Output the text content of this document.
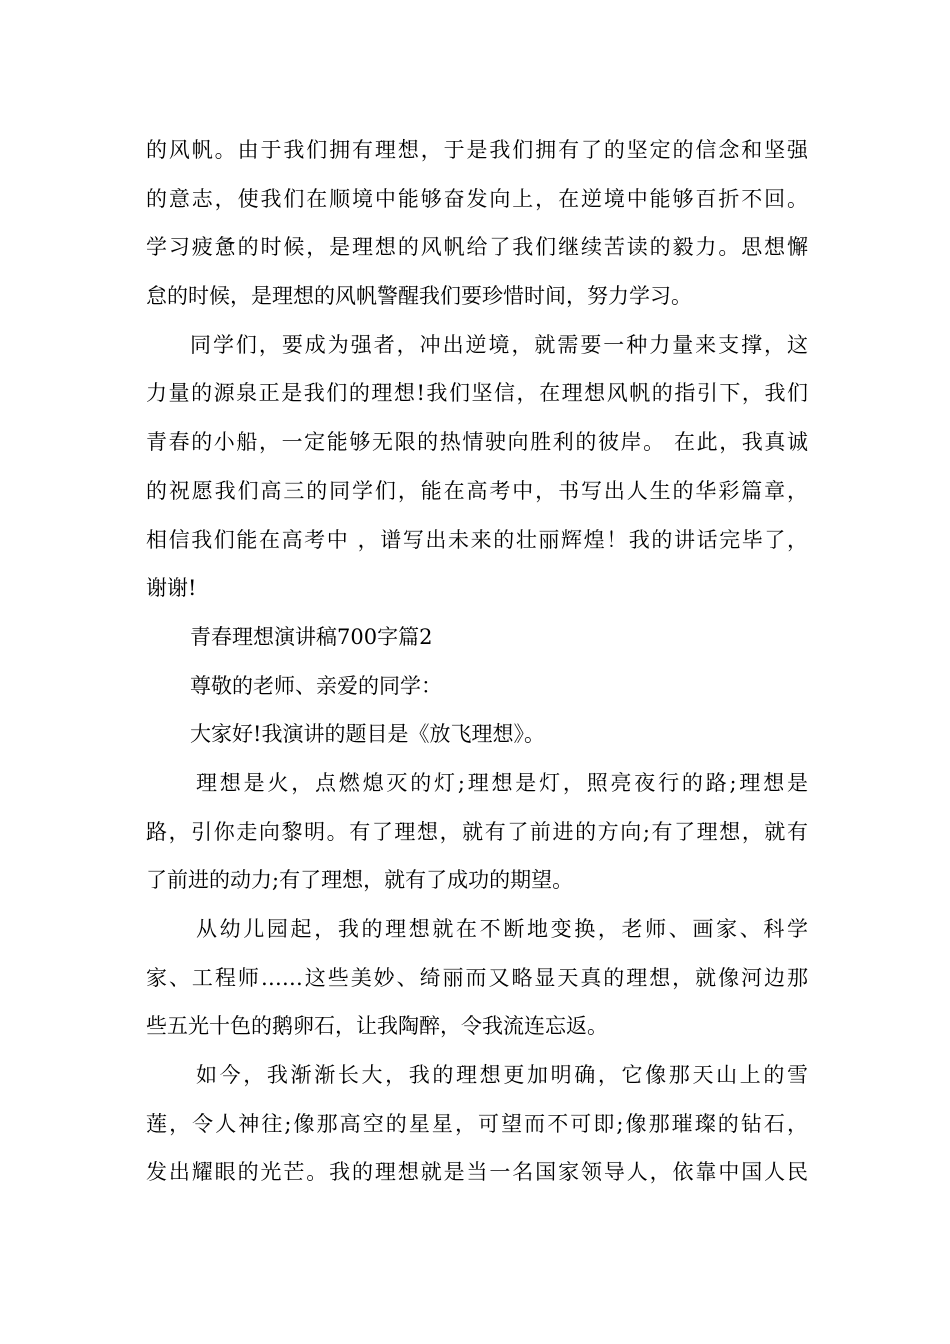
的风帆。由于我们拥有理想，于是我们拥有了的坚定的信念和坚强
的意志，使我们在顺境中能够奋发向上，在逆境中能够百折不回。
学习疲惫的时候，是理想的风帆给了我们继续苦读的毅力。思想懈
怠的时候，是理想的风帆警醒我们要珍惜时间，努力学习。
同学们，要成为强者，冲出逆境，就需要一种力量来支撑，这
力量的源泉正是我们的理想!我们坚信，在理想风帆的指引下，我们
青春的小船，一定能够无限的热情驶向胜利的彼岸。 在此，我真诚
的祝愿我们高三的同学们，能在高考中，书写出人生的华彩篇章，
相信我们能在高考中 ，谱写出未来的壮丽辉煌！我的讲话完毕了，
谢谢!
青春理想演讲稿700字篇2
尊敬的老师、亲爱的同学：
大家好!我演讲的题目是《放飞理想》。
理想是火，点燃熄灭的灯;理想是灯，照亮夜行的路;理想是
路，引你走向黎明。有了理想，就有了前进的方向;有了理想，就有
了前进的动力;有了理想，就有了成功的期望。
从幼儿园起，我的理想就在不断地变换，老师、画家、科学
家、工程师……这些美妙、绮丽而又略显天真的理想，就像河边那
些五光十色的鹅卵石，让我陶醉，令我流连忘返。
如今，我渐渐长大，我的理想更加明确，它像那天山上的雪
莲，令人神往;像那高空的星星，可望而不可即;像那璀璨的钻石，
发出耀眼的光芒。我的理想就是当一名国家领导人，依靠中国人民
